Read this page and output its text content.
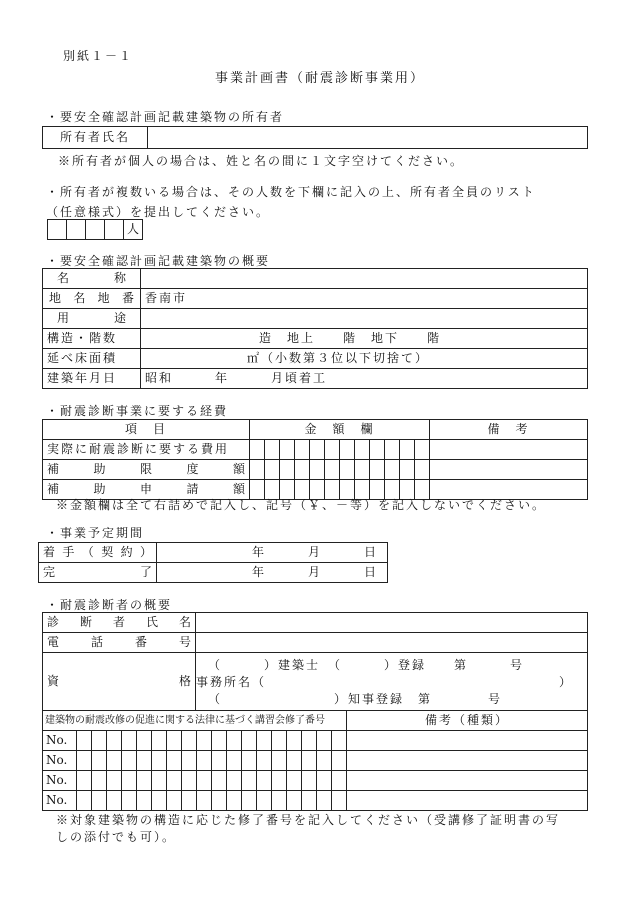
別紙１－１
事業計画書（耐震診断事業用）
・要安全確認計画記載建築物の所有者
所有者氏名	
※所有者が個人の場合は、姓と名の間に１文字空けてください。
・所有者が複数いる場合は、その人数を下欄に記入の上、所有者全員のリスト
（任意様式）を提出してください。
				人
・要安全確認計画記載建築物の概要
名　　称	
地名地番	香南市
用　　途	
構造・階数	造　地上　　階　地下　　階
延べ床面積	㎡（小数第３位以下切捨て）
建築年月日	昭和　　　年　　　月頃着工
・耐震診断事業に要する経費
項　目	金　額　欄												備　考
実際に耐震診断に要する費用													
補助限度額													
補助申請額													
※金額欄は全て右詰めで記入し、記号（￥、－等）を記入しないでください。
・事業予定期間
着手（契約）	年　　　月　　　日
完　　了	年　　　月　　　日
・耐震診断者の概要
診断者氏名	
電話番号	
資格	（　　　）建築士　（　　　）登録　　第　　　号
事務所名（ ）
（　　　　　　　　）知事登録　第　　　　号
建築物の耐震改修の促進に関する法律に基づく講習会修了番号																			備考（種類）
No.																			
No.																			
No.																			
No.																			
※対象建築物の構造に応じた修了番号を記入してください（受講修了証明書の写
しの添付でも可）。
